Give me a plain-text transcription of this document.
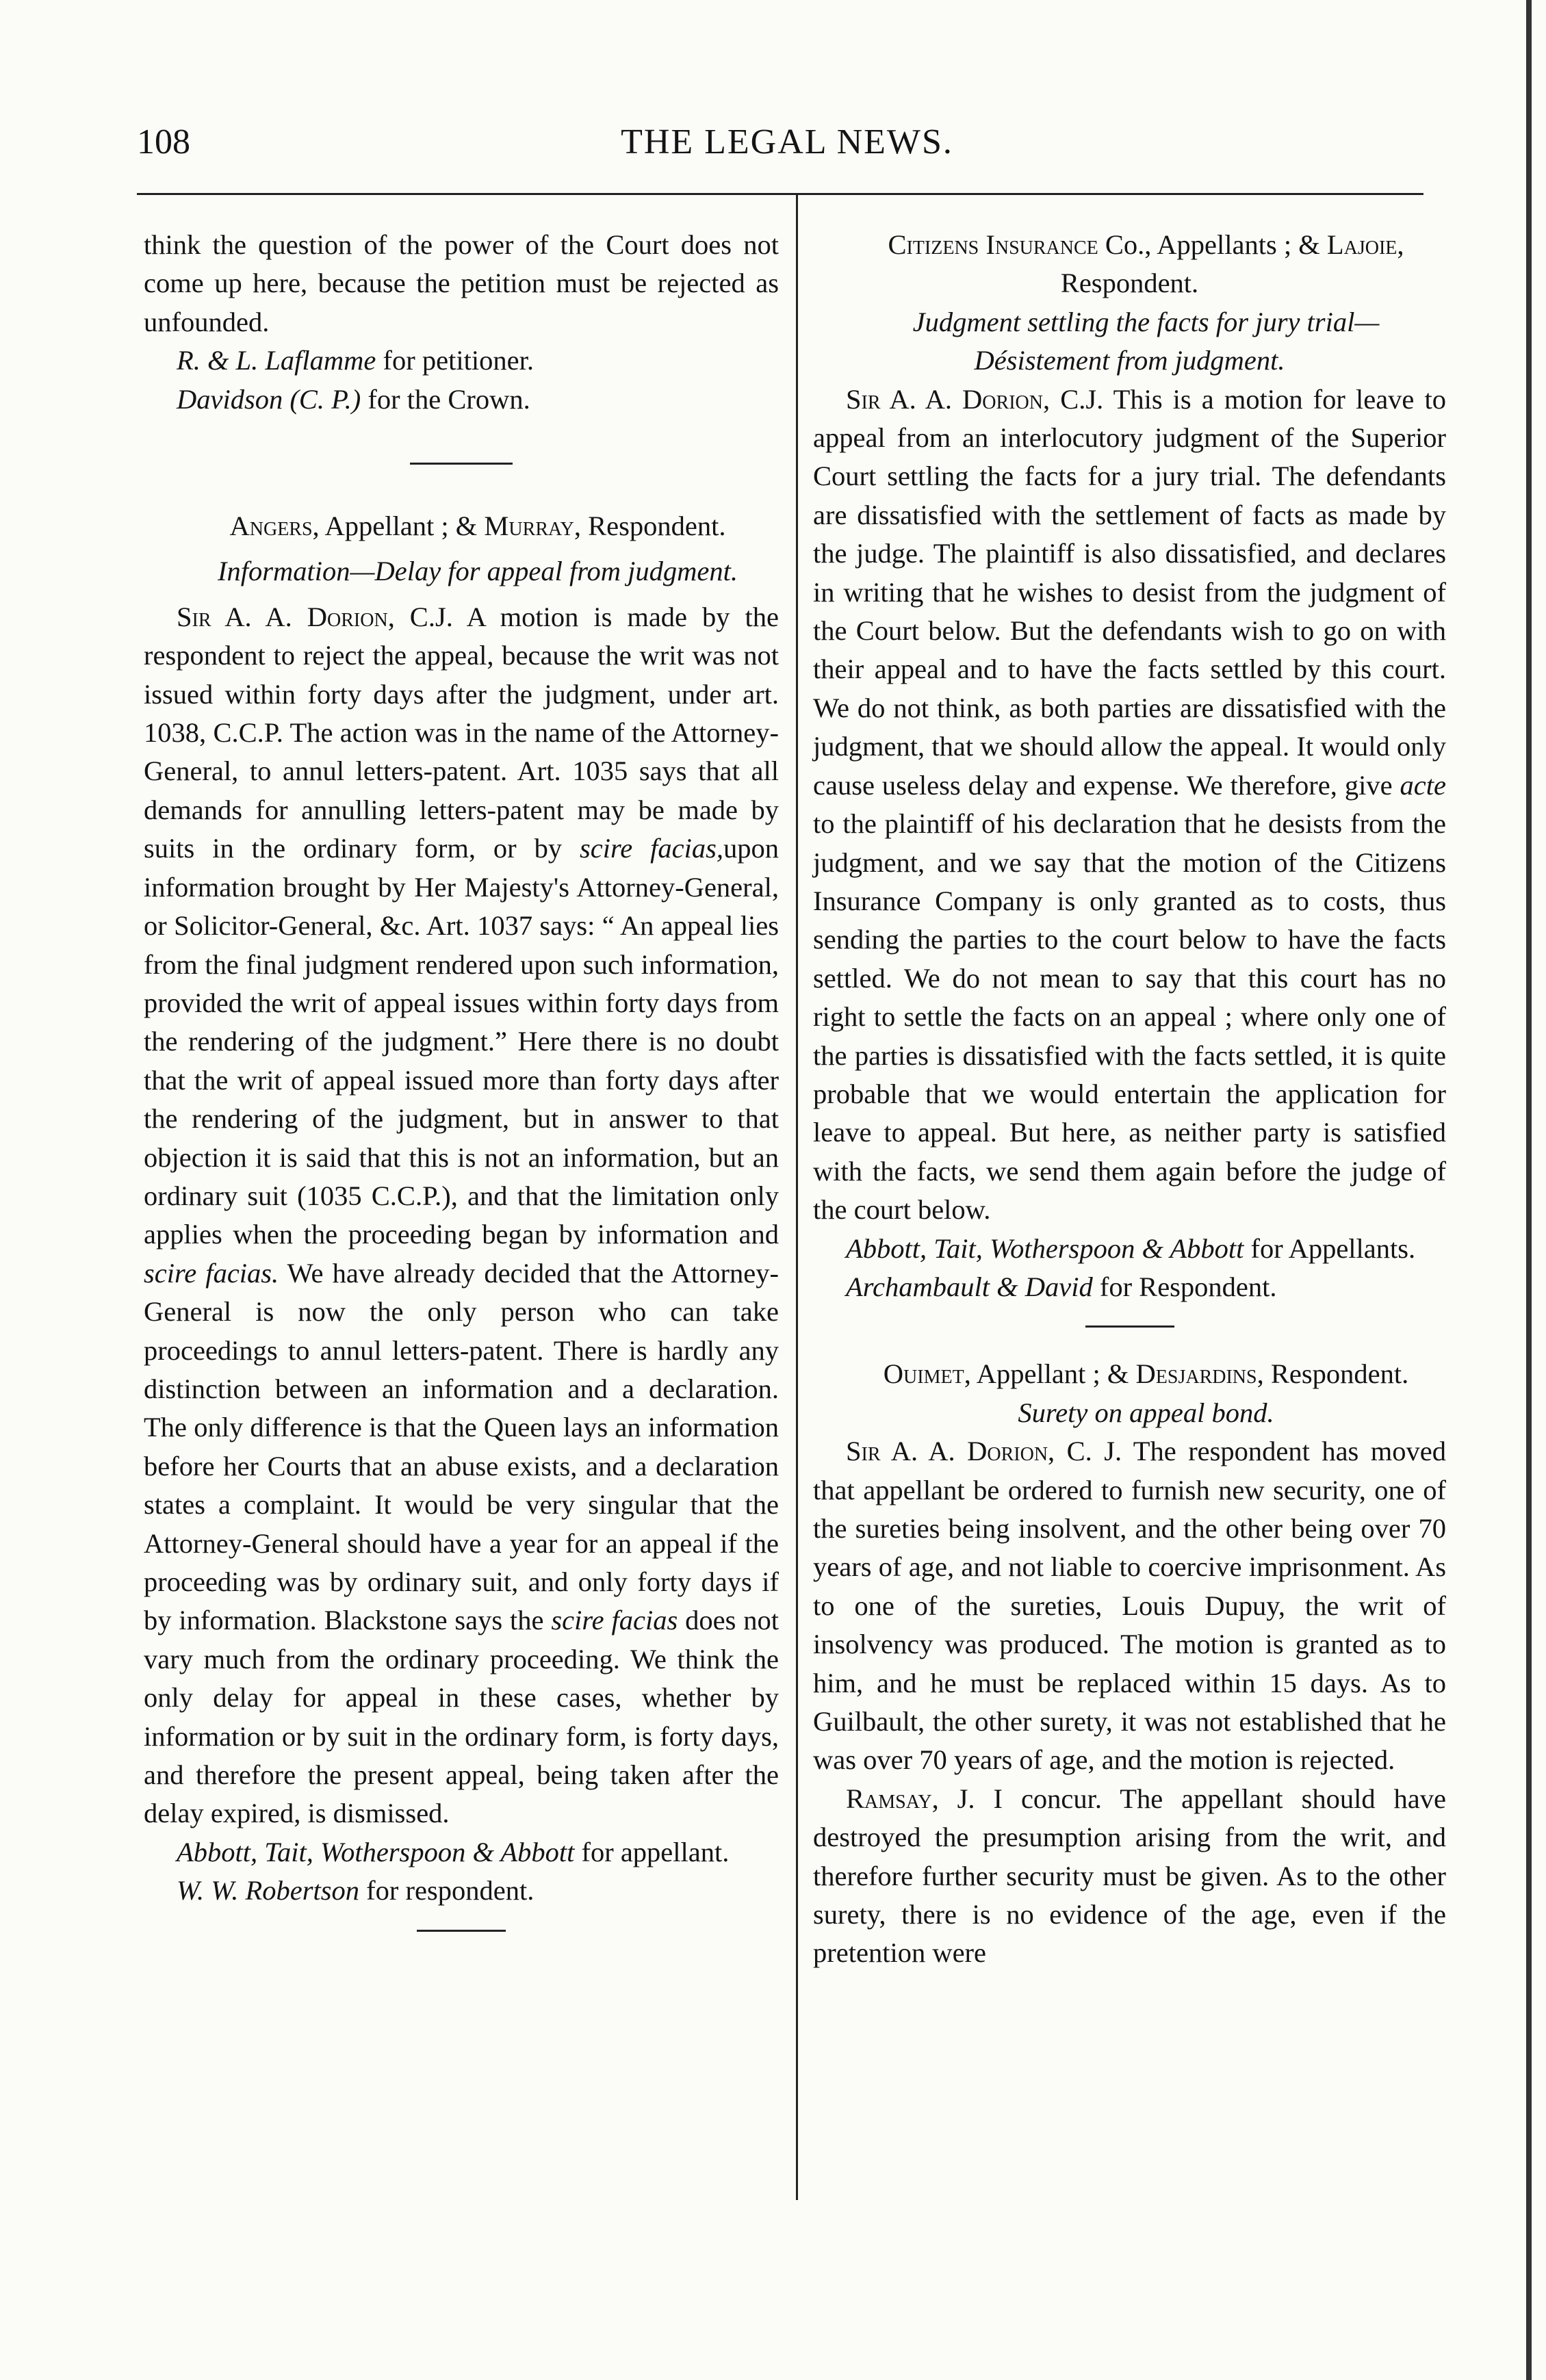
108	THE LEGAL NEWS.

think the question of the power of the Court does not come up here, because the petition must be rejected as unfounded.

R. & L. Laflamme for petitioner.

Davidson (C. P.) for the Crown.

Angers, Appellant ; & Murray, Respondent.

Information—Delay for appeal from judgment.

Sir A. A. Dorion, C.J. A motion is made by the respondent to reject the appeal, because the writ was not issued within forty days after the judgment, under art. 1038, C.C.P. The action was in the name of the Attorney-General, to annul letters-patent. Art. 1035 says that all demands for annulling letters-patent may be made by suits in the ordinary form, or by scire facias,upon information brought by Her Majesty's Attorney-General, or Solicitor-General, &c. Art. 1037 says: “ An appeal lies from the final judgment rendered upon such information, provided the writ of appeal issues within forty days from the rendering of the judgment.” Here there is no doubt that the writ of appeal issued more than forty days after the rendering of the judgment, but in answer to that objection it is said that this is not an information, but an ordinary suit (1035 C.C.P.), and that the limitation only applies when the proceeding began by information and scire facias. We have already decided that the Attorney-General is now the only person who can take proceedings to annul letters-patent. There is hardly any distinction between an information and a declaration. The only difference is that the Queen lays an information before her Courts that an abuse exists, and a declaration states a complaint. It would be very singular that the Attorney-General should have a year for an appeal if the proceeding was by ordinary suit, and only forty days if by information. Blackstone says the scire facias does not vary much from the ordinary proceeding. We think the only delay for appeal in these cases, whether by information or by suit in the ordinary form, is forty days, and therefore the present appeal, being taken after the delay expired, is dismissed.

Abbott, Tait, Wotherspoon & Abbott for appellant.

W. W. Robertson for respondent.

Citizens Insurance Co., Appellants ; & Lajoie, Respondent.

Judgment settling the facts for jury trial—Désistement from judgment.

Sir A. A. Dorion, C.J. This is a motion for leave to appeal from an interlocutory judgment of the Superior Court settling the facts for a jury trial. The defendants are dissatisfied with the settlement of facts as made by the judge. The plaintiff is also dissatisfied, and declares in writing that he wishes to desist from the judgment of the Court below. But the defendants wish to go on with their appeal and to have the facts settled by this court. We do not think, as both parties are dissatisfied with the judgment, that we should allow the appeal. It would only cause useless delay and expense. We therefore, give acte to the plaintiff of his declaration that he desists from the judgment, and we say that the motion of the Citizens Insurance Company is only granted as to costs, thus sending the parties to the court below to have the facts settled. We do not mean to say that this court has no right to settle the facts on an appeal ; where only one of the parties is dissatisfied with the facts settled, it is quite probable that we would entertain the application for leave to appeal. But here, as neither party is satisfied with the facts, we send them again before the judge of the court below.

Abbott, Tait, Wotherspoon & Abbott for Appellants.

Archambault & David for Respondent.

Ouimet, Appellant ; & Desjardins, Respondent.

Surety on appeal bond.

Sir A. A. Dorion, C. J. The respondent has moved that appellant be ordered to furnish new security, one of the sureties being insolvent, and the other being over 70 years of age, and not liable to coercive imprisonment. As to one of the sureties, Louis Dupuy, the writ of insolvency was produced. The motion is granted as to him, and he must be replaced within 15 days. As to Guilbault, the other surety, it was not established that he was over 70 years of age, and the motion is rejected.

Ramsay, J. I concur. The appellant should have destroyed the presumption arising from the writ, and therefore further security must be given. As to the other surety, there is no evidence of the age, even if the pretention were
